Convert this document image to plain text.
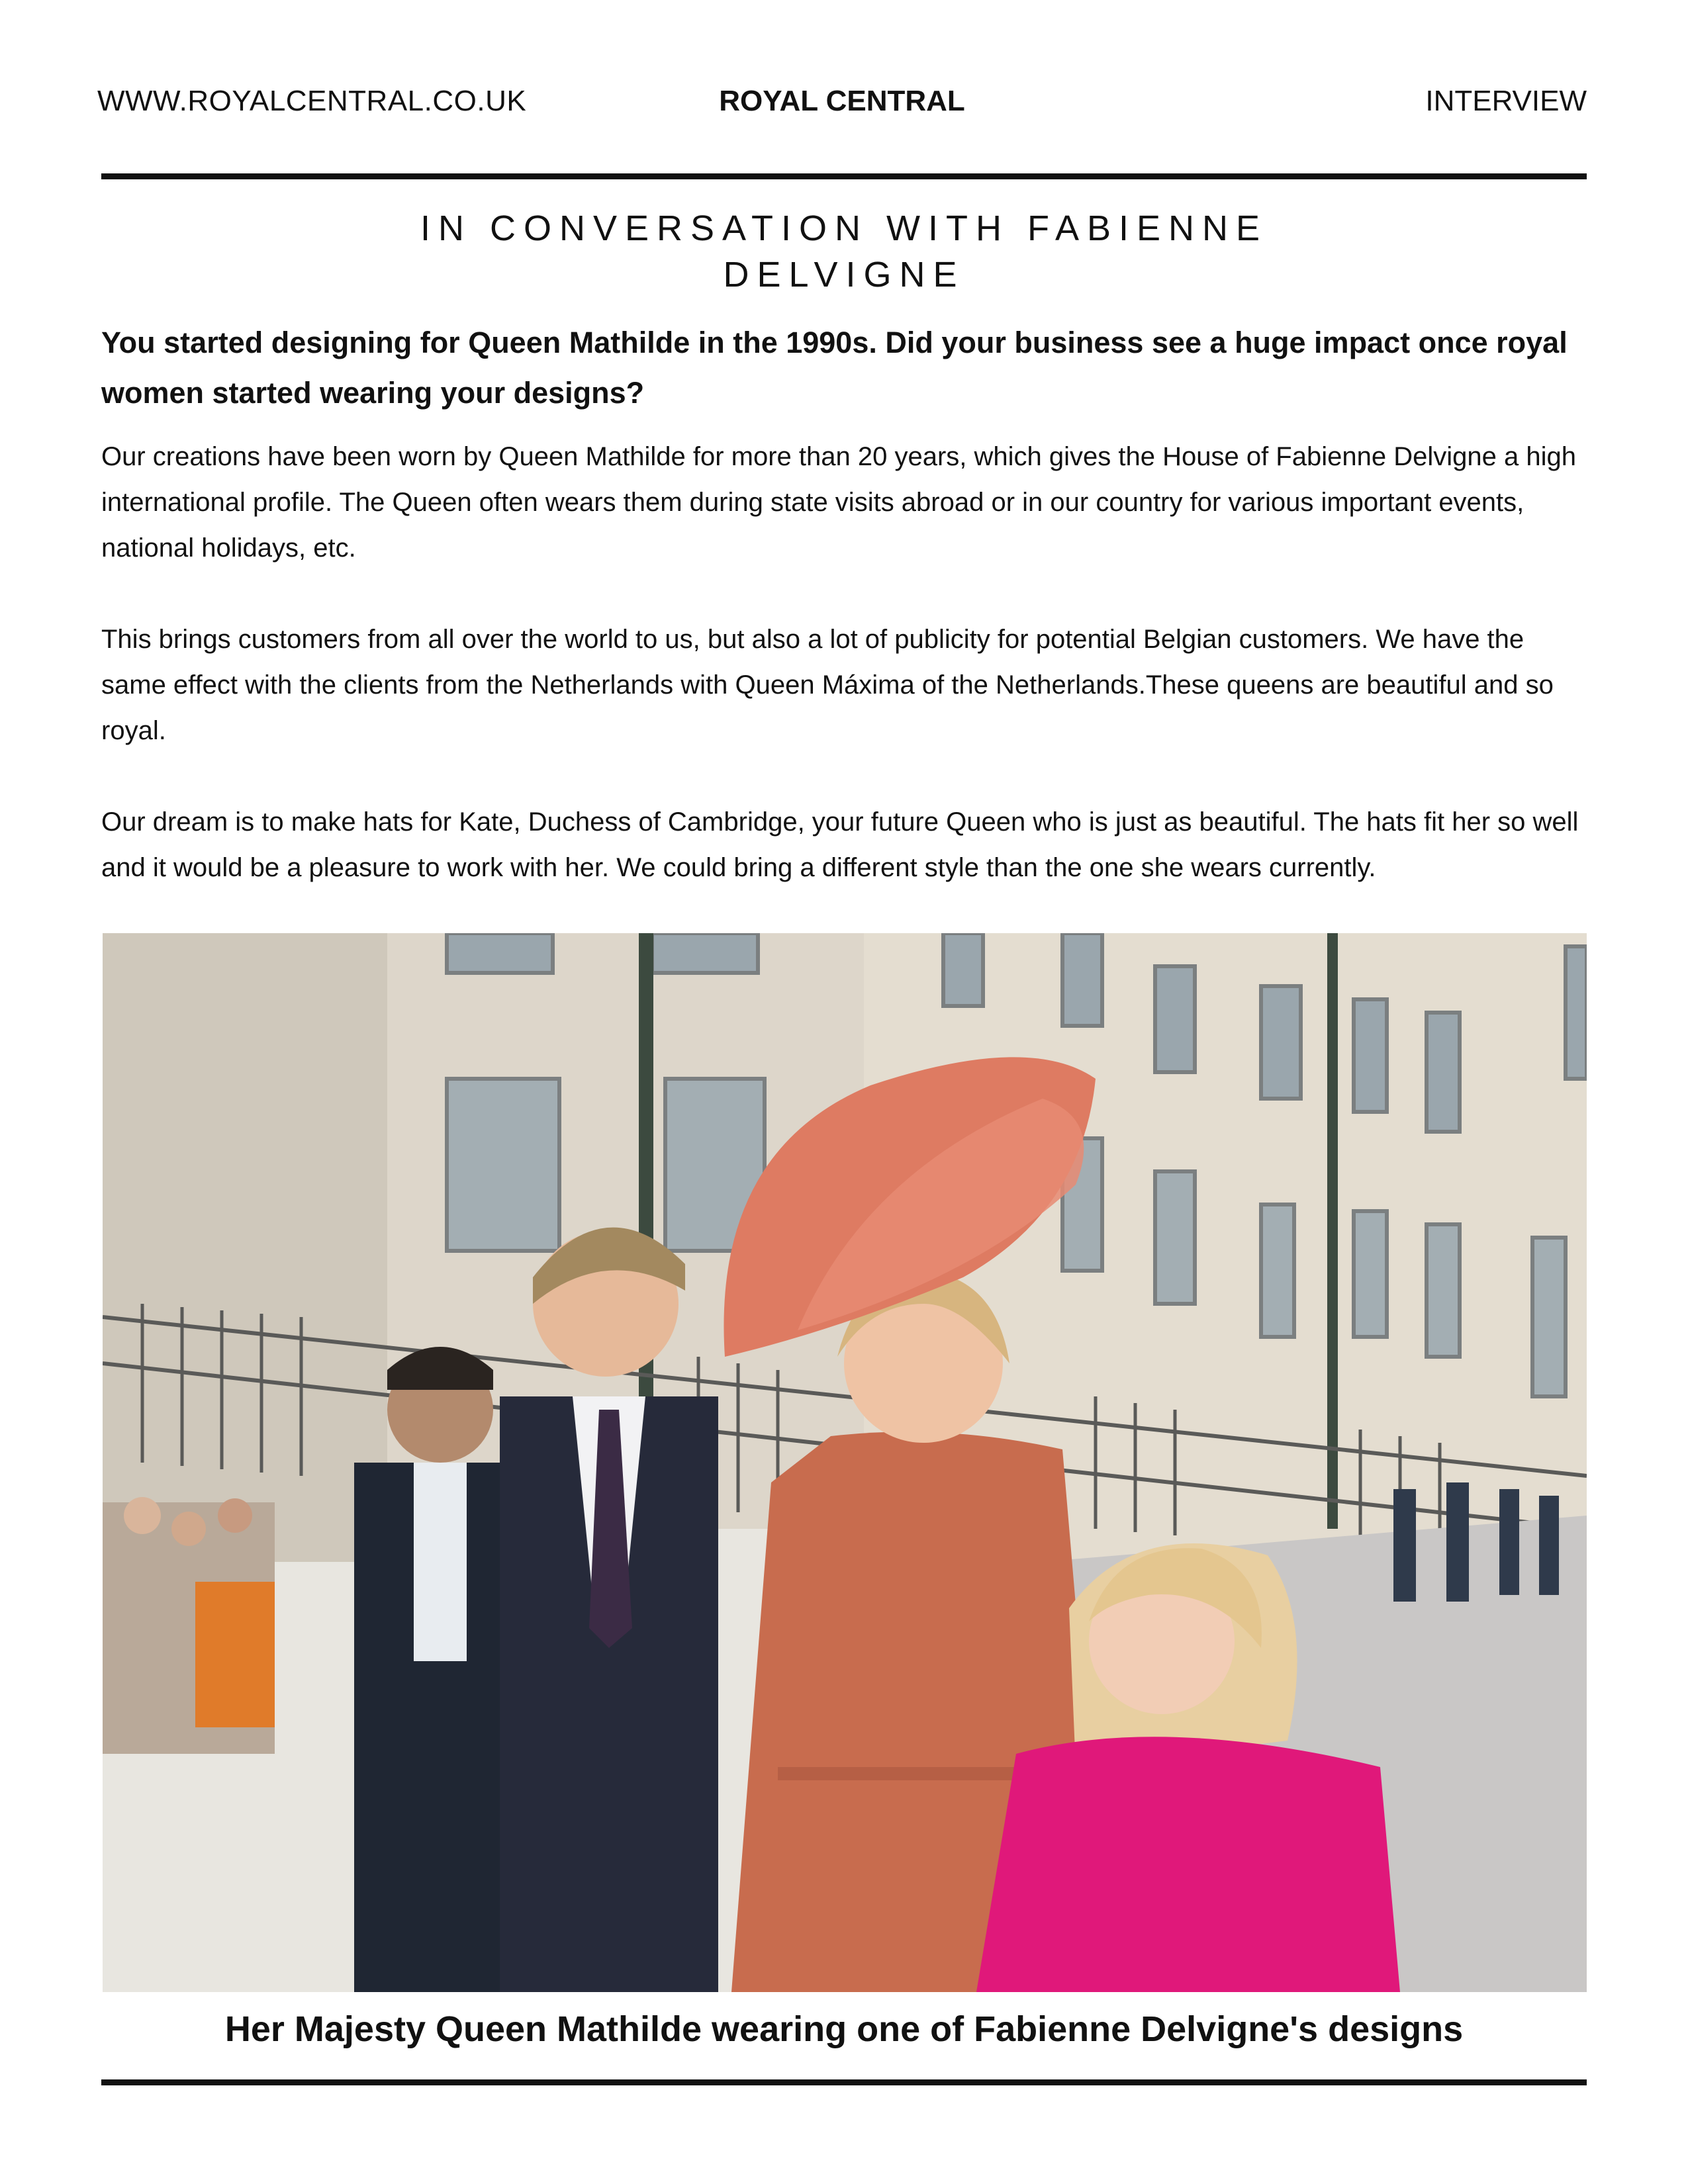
WWW.ROYALCENTRAL.CO.UK	ROYAL CENTRAL	INTERVIEW
IN CONVERSATION WITH FABIENNE
DELVIGNE
You started designing for Queen Mathilde in the 1990s. Did your business see a huge impact once royal women started wearing your designs?
Our creations have been worn by Queen Mathilde for more than 20 years, which gives the House of Fabienne Delvigne a high international profile. The Queen often wears them during state visits abroad or in our country for various important events, national holidays, etc.
This brings customers from all over the world to us, but also a lot of publicity for potential Belgian customers. We have the same effect with the clients from the Netherlands with Queen Máxima of the Netherlands.These queens are beautiful and so royal.
Our dream is to make hats for Kate, Duchess of Cambridge, your future Queen who is just as beautiful. The hats fit her so well and it would be a pleasure to work with her. We could bring a different style than the one she wears currently.
Her Majesty Queen Mathilde wearing one of Fabienne Delvigne's designs
